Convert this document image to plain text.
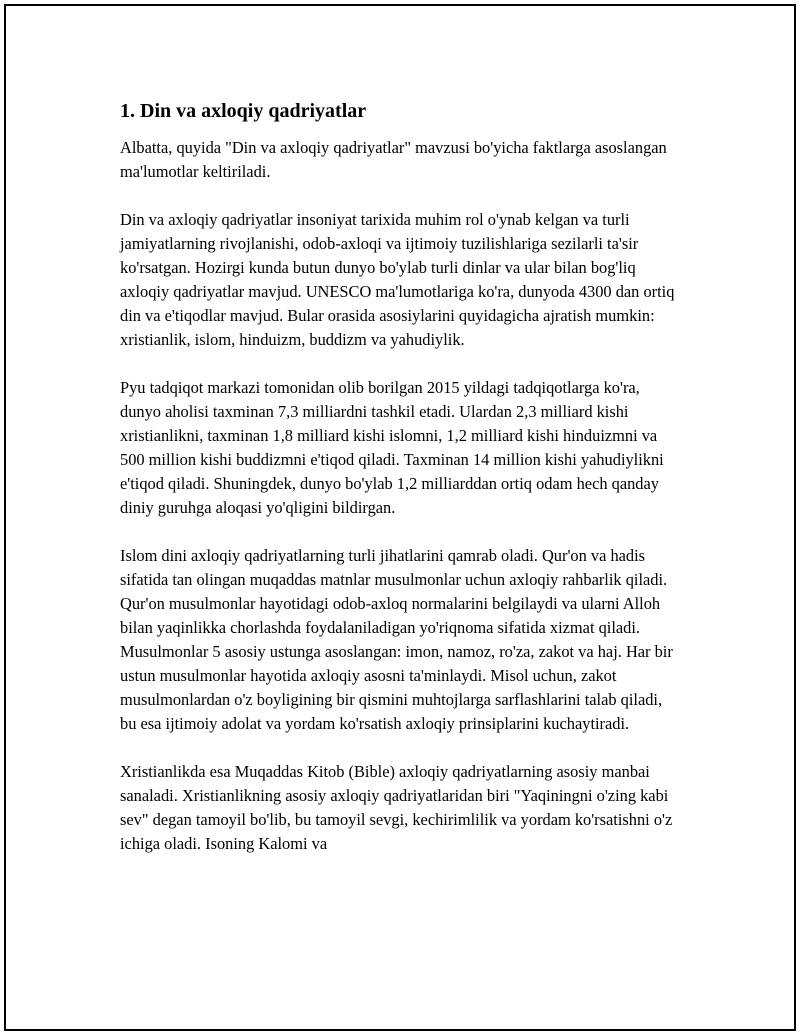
1. Din va axloqiy qadriyatlar

Albatta, quyida "Din va axloqiy qadriyatlar" mavzusi bo'yicha faktlarga asoslangan ma'lumotlar keltiriladi.

Din va axloqiy qadriyatlar insoniyat tarixida muhim rol o'ynab kelgan va turli jamiyatlarning rivojlanishi, odob-axloqi va ijtimoiy tuzilishlariga sezilarli ta'sir ko'rsatgan. Hozirgi kunda butun dunyo bo'ylab turli dinlar va ular bilan bog'liq axloqiy qadriyatlar mavjud. UNESCO ma'lumotlariga ko'ra, dunyoda 4300 dan ortiq din va e'tiqodlar mavjud. Bular orasida asosiylarini quyidagicha ajratish mumkin: xristianlik, islom, hinduizm, buddizm va yahudiylik.

Pyu tadqiqot markazi tomonidan olib borilgan 2015 yildagi tadqiqotlarga ko'ra, dunyo aholisi taxminan 7,3 milliardni tashkil etadi. Ulardan 2,3 milliard kishi xristianlikni, taxminan 1,8 milliard kishi islomni, 1,2 milliard kishi hinduizmni va 500 million kishi buddizmni e'tiqod qiladi. Taxminan 14 million kishi yahudiylikni e'tiqod qiladi. Shuningdek, dunyo bo'ylab 1,2 milliarddan ortiq odam hech qanday diniy guruhga aloqasi yo'qligini bildirgan.

Islom dini axloqiy qadriyatlarning turli jihatlarini qamrab oladi. Qur'on va hadis sifatida tan olingan muqaddas matnlar musulmonlar uchun axloqiy rahbarlik qiladi. Qur'on musulmonlar hayotidagi odob-axloq normalarini belgilaydi va ularni Alloh bilan yaqinlikka chorlashda foydalaniladigan yo'riqnoma sifatida xizmat qiladi. Musulmonlar 5 asosiy ustunga asoslangan: imon, namoz, ro'za, zakot va haj. Har bir ustun musulmonlar hayotida axloqiy asosni ta'minlaydi. Misol uchun, zakot musulmonlardan o'z boyligining bir qismini muhtojlarga sarflashlarini talab qiladi, bu esa ijtimoiy adolat va yordam ko'rsatish axloqiy prinsiplarini kuchaytiradi.

Xristianlikda esa Muqaddas Kitob (Bible) axloqiy qadriyatlarning asosiy manbai sanaladi. Xristianlikning asosiy axloqiy qadriyatlaridan biri "Yaqiningni o'zing kabi sev" degan tamoyil bo'lib, bu tamoyil sevgi, kechirimlilik va yordam ko'rsatishni o'z ichiga oladi. Isoning Kalomi va
